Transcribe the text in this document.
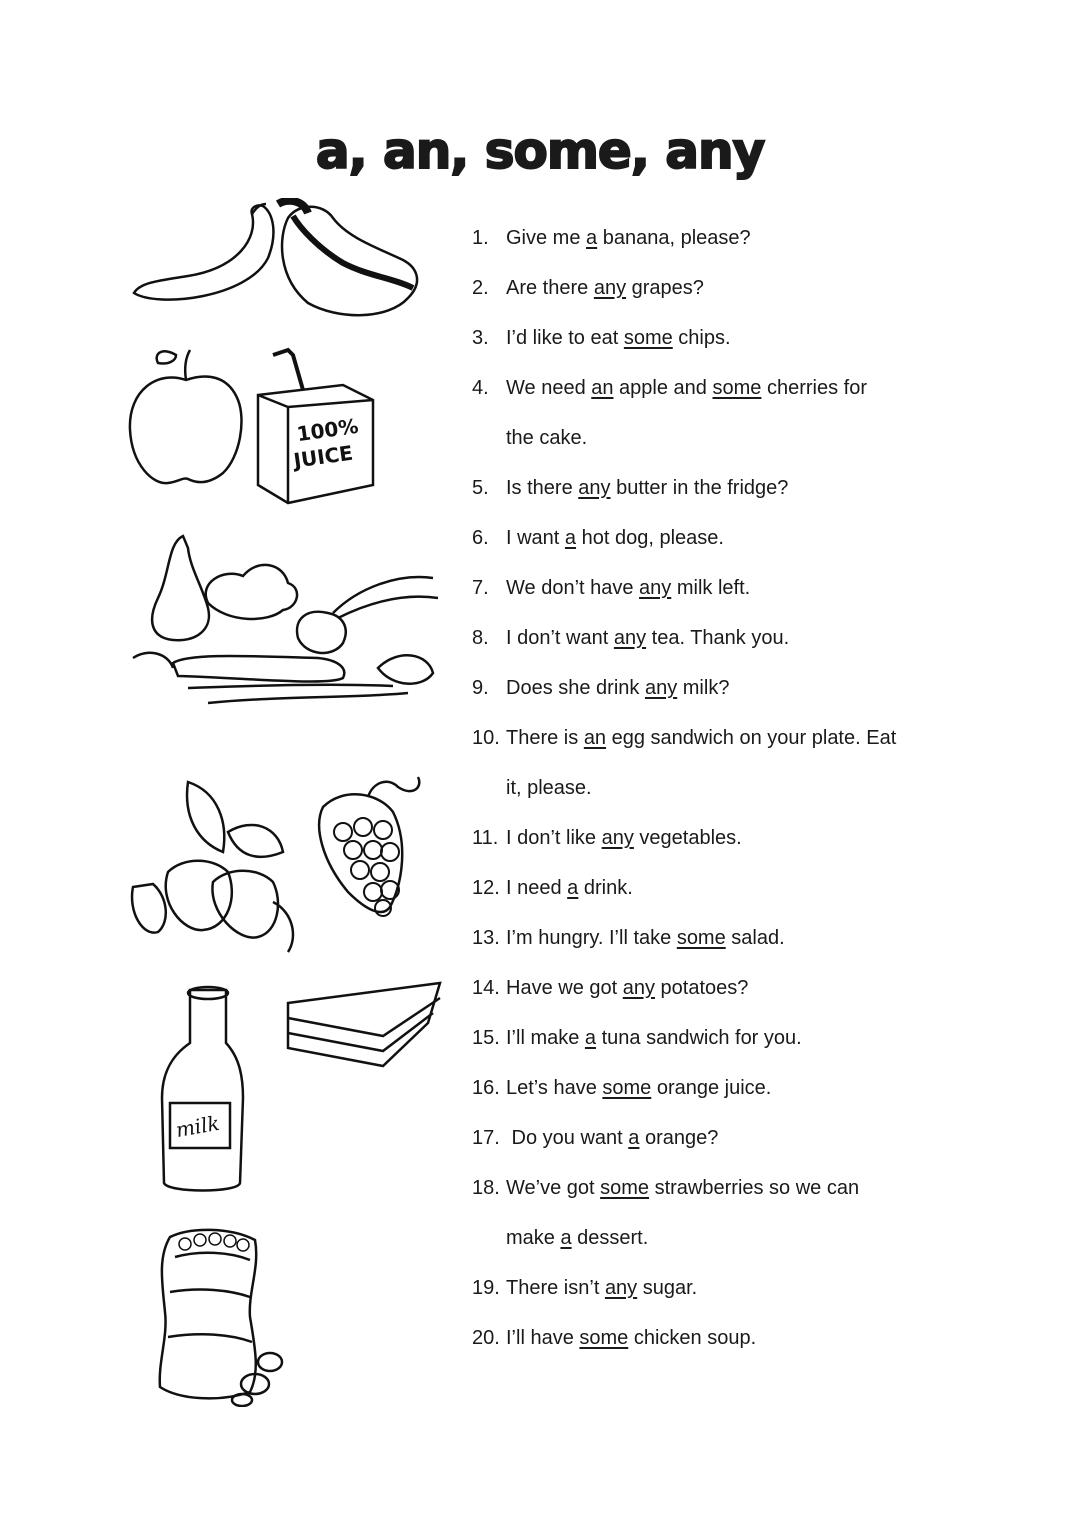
a, an, some, any
100%
JUICE
milk
1. Give me a banana, please?
2. Are there any grapes?
3. I’d like to eat some chips.
4. We need an apple and some cherries for
the cake.
5. Is there any butter in the fridge?
6. I want a hot dog, please.
7. We don’t have any milk left.
8. I don’t want any tea. Thank you.
9. Does she drink any milk?
10. There is an egg sandwich on your plate. Eat
it, please.
11. I don’t like any vegetables.
12. I need a drink.
13. I’m hungry. I’ll take some salad.
14. Have we got any potatoes?
15. I’ll make a tuna sandwich for you.
16. Let’s have some orange juice.
17. Do you want a orange?
18. We’ve got some strawberries so we can
make a dessert.
19. There isn’t any sugar.
20. I’ll have some chicken soup.
